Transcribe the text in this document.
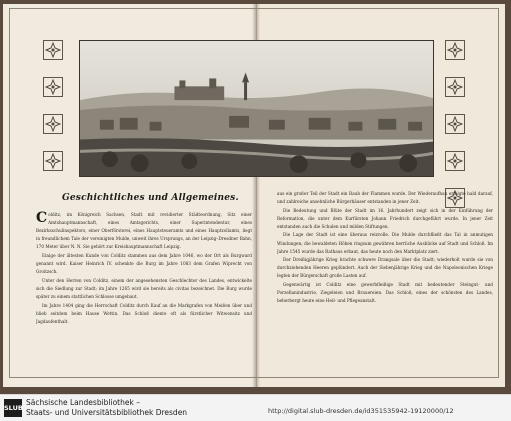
Geschichtliches und Allgemeines.

Colditz, im Königreich Sachsen, Stadt mit revidierter Städteordnung, Sitz einer Amtshauptmannschaft, eines Amtsgerichts, einer Superintendentur, eines Bezirksschulinspektors, einer Oberförsterei, eines Hauptsteueramts und eines Hauptzollamts, liegt in freundlichem Tale der vereinigten Mulde, unweit ihres Ursprungs, an der Leipzig–Dresdner Bahn, 170 Meter über N. N. Sie gehört zur Kreishauptmannschaft Leipzig.

Einige der ältesten Kunde von Colditz stammen aus dem Jahre 1046, wo der Ort als Burgward genannt wird. Kaiser Heinrich IV. schenkte die Burg im Jahre 1083 dem Grafen Wiprecht von Groitzsch.

Unter den Herren von Colditz, einem der angesehensten Geschlechter des Landes, entwickelte sich die Siedlung zur Stadt; im Jahre 1265 wird sie bereits als civitas bezeichnet. Die Burg wurde später zu einem stattlichen Schlosse umgebaut.

Im Jahre 1404 ging die Herrschaft Colditz durch Kauf an die Markgrafen von Meißen über und blieb seitdem beim Hause Wettin. Das Schloß diente oft als fürstlicher Witwensitz und Jagdaufenthalt.

aus ein großer Teil der Stadt ein Raub der Flammen wurde. Der Wiederaufbau erfolgte bald darauf, und zahlreiche ansehnliche Bürgerhäuser entstanden in jener Zeit.

Die Bedeutung und Blüte der Stadt im 16. Jahrhundert zeigt sich in der Einführung der Reformation, die unter dem Kurfürsten Johann Friedrich durchgeführt wurde. In jener Zeit entstanden auch die Schulen und milden Stiftungen.

Die Lage der Stadt ist eine überaus reizvolle. Die Mulde durchfließt das Tal in anmutigen Windungen; die bewaldeten Höhen ringsum gewähren herrliche Ausblicke auf Stadt und Schloß. Im Jahre 1545 wurde das Rathaus erbaut, das heute noch den Marktplatz ziert.

Der Dreißigjährige Krieg brachte schwere Drangsale über die Stadt; wiederholt wurde sie von durchziehenden Heeren geplündert. Auch der Siebenjährige Krieg und die Napoleonischen Kriege legten der Bürgerschaft große Lasten auf.

Gegenwärtig ist Colditz eine gewerbfleißige Stadt mit bedeutender Steingut- und Porzellanindustrie, Ziegeleien und Brauereien. Das Schloß, eines der schönsten des Landes, beherbergt heute eine Heil- und Pflegeanstalt.

SLUB
Sächsische Landesbibliothek –
Staats- und Universitätsbibliothek Dresden	http://digital.slub-dresden.de/id351535942-19120000/12
